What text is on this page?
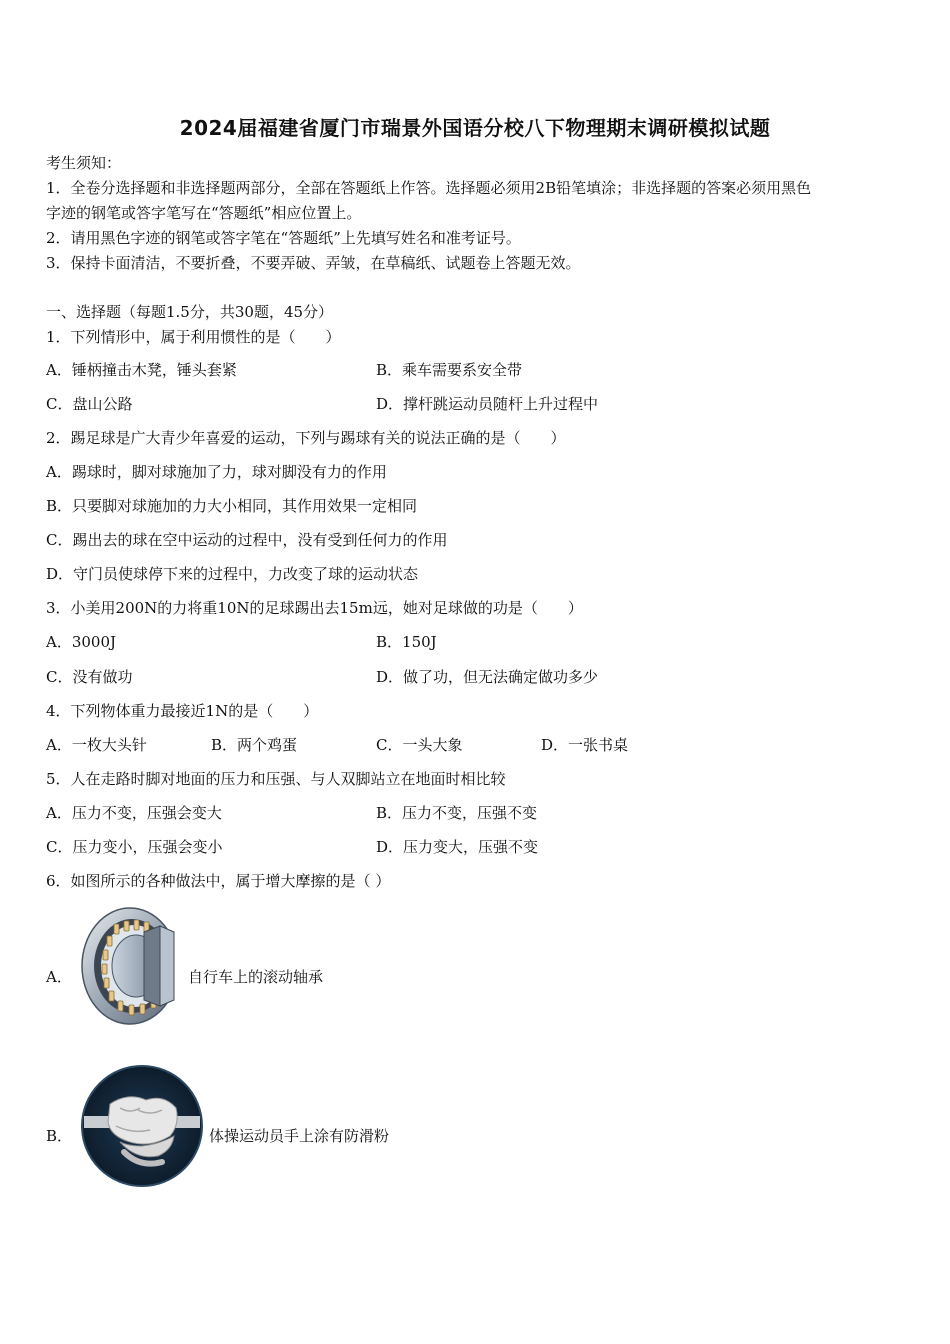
2024届福建省厦门市瑞景外国语分校八下物理期末调研模拟试题
考生须知：
1．全卷分选择题和非选择题两部分，全部在答题纸上作答。选择题必须用2B铅笔填涂；非选择题的答案必须用黑色
字迹的钢笔或答字笔写在“答题纸”相应位置上。
2．请用黑色字迹的钢笔或答字笔在“答题纸”上先填写姓名和准考证号。
3．保持卡面清洁，不要折叠，不要弄破、弄皱，在草稿纸、试题卷上答题无效。
一、选择题（每题1.5分，共30题，45分）
1．下列情形中，属于利用惯性的是（　　）
A．锤柄撞击木凳，锤头套紧	B．乘车需要系安全带
C．盘山公路	D．撑杆跳运动员随杆上升过程中
2．踢足球是广大青少年喜爱的运动，下列与踢球有关的说法正确的是（　　）
A．踢球时，脚对球施加了力，球对脚没有力的作用
B．只要脚对球施加的力大小相同，其作用效果一定相同
C．踢出去的球在空中运动的过程中，没有受到任何力的作用
D．守门员使球停下来的过程中，力改变了球的运动状态
3．小美用200N的力将重10N的足球踢出去15m远，她对足球做的功是（　　）
A．3000J	B．150J
C．没有做功	D．做了功，但无法确定做功多少
4．下列物体重力最接近1N的是（　　）
A．一枚大头针	B．两个鸡蛋	C．一头大象	D．一张书桌
5．人在走路时脚对地面的压力和压强、与人双脚站立在地面时相比较
A．压力不变，压强会变大	B．压力不变，压强不变
C．压力变小，压强会变小	D．压力变大，压强不变
6．如图所示的各种做法中，属于增大摩擦的是（ ）
A．	自行车上的滚动轴承
B．	体操运动员手上涂有防滑粉
